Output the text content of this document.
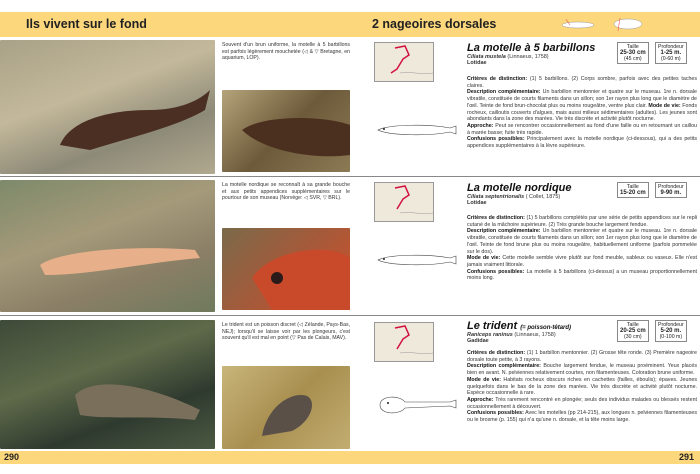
Ils vivent sur le fond	2 nageoires dorsales
Souvent d'un brun uniforme, la motelle à 5 barbillons est parfois légèrement mouchetée (◁ & ▽ Bretagne, en aquarium, LOP).
La motelle à 5 barbillons
Ciliata mustela (Linnaeus, 1758)
Lotidae
Taille
25-30 cm
(45 cm)
Profondeur
1-25 m.
(0-60 m)
Critères de distinction: (1) 5 barbillons. (2) Corps sombre, parfois avec des petites taches claires.
Description complémentaire: Un barbillon mentonnier et quatre sur le museau. 1re n. dorsale vibratile, constituée de courts filaments dans un sillon; son 1er rayon plus long que le diamètre de l'œil. Teinte de fond brun-chocolat plus ou moins rougeâtre, ventre plus clair. Mode de vie: Fonds rocheux, cailloutis couverts d'algues, mais aussi milieux sédimentaires (adultes). Les jeunes sont abondants dans la zone des marées. Vie très discrète et activité plutôt nocturne.
Approche: Peut se rencontrer occasionnellement au fond d'une faille ou en retournant un caillou à marée basse; fuite très rapide.
Confusions possibles: Principalement avec la motelle nordique (ci-dessous), qui a des petits appendices supplémentaires à la lèvre supérieure.
La motelle nordique se reconnaît à sa grande bouche et aux petits appendices supplémentaires sur le pourtour de son museau (Norvège: ◁ SVR, ▽ BRL).
La motelle nordique
Ciliata septentrionalis ( Collet, 1875)
Lotidae
Taille
15-20 cm
Profondeur
9-90 m.
Critères de distinction: (1) 5 barbillons complétés par une série de petits appendices sur le repli cutané de la mâchoire supérieure. (2) Très grande bouche largement fendue.
Description complémentaire: Un barbillon mentonnier et quatre sur le museau. 1re n. dorsale vibratile, constituée de courts filaments dans un sillon; son 1er rayon plus long que le diamètre de l'œil. Teinte de fond brune plus ou moins rougeâtre, habituellement uniforme (parfois pommelée sur le dos).
Mode de vie: Cette motelle semble vivre plutôt sur fond meuble, sableux ou vaseux. Elle n'est jamais vraiment littorale.
Confusions possibles: La motelle à 5 barbillons (ci-dessus) a un museau proportionnellement moins long.
Le trident est un poisson discret (◁ Zélande, Pays-Bas, NEJ); lorsqu'il se laisse voir par les plongeurs, c'est souvent qu'il est mal en point (▽ Pas de Calais, MAV).
Le trident (= poisson-têtard)
Raniceps raninus (Linnaeus, 1758)
Gadidae
Taille
20-25 cm
(30 cm)
Profondeur
5-20 m.
(0-100 m)
Critères de distinction: (1) 1 barbillon mentonnier. (2) Grosse tête ronde. (3) Première nageoire dorsale toute petite, à 3 rayons.
Description complémentaire: Bouche largement fendue, le museau proéminent. Yeux placés bien en avant. N. pelviennes relativement courtes, non filamenteuses. Coloration brune uniforme.
Mode de vie: Habitats rocheux obscurs riches en cachettes (failles, éboulis); épaves. Jeunes quelquefois dans le bas de la zone des marées. Vie très discrète et activité plutôt nocturne. Espèce occasionnelle à rare.
Approche: Très rarement rencontré en plongée; seuls des individus malades ou blessés restent occasionnellement à découvert.
Confusions possibles: Avec les motelles (pp 214-215), aux longues n. pelviennes filamenteuses ou le brosme (p. 155) qui n'a qu'une n. dorsale, et la tête moins large.
290	291
